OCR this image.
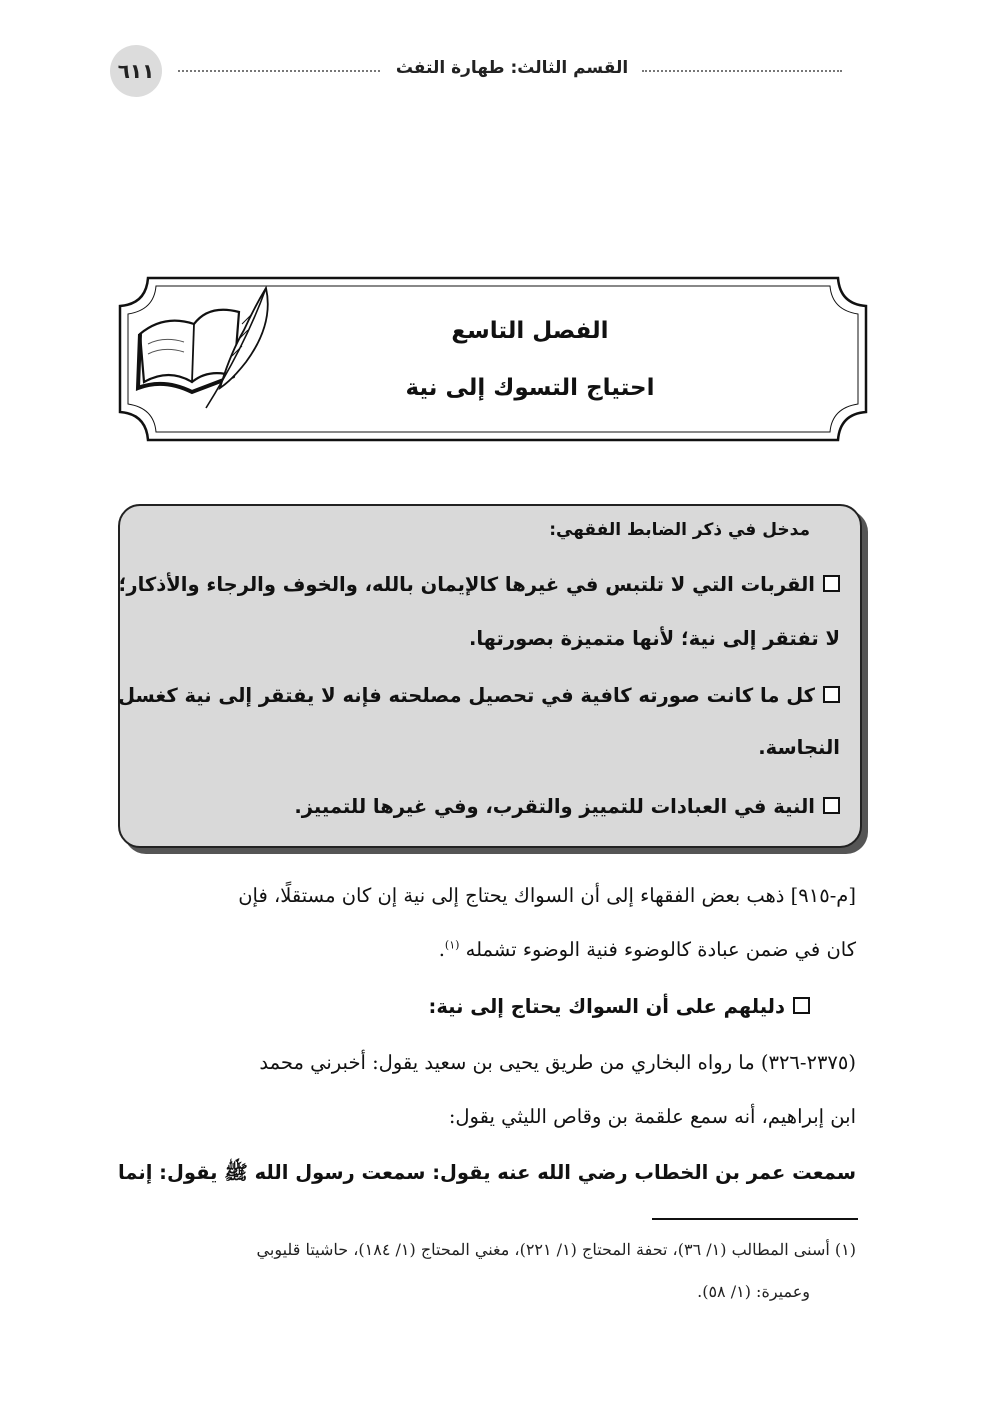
٦١١	القسم الثالث: طهارة التفث
الفصل التاسع
احتياج التسوك إلى نية
مدخل في ذكر الضابط الفقهي:
القربات التي لا تلتبس في غيرها كالإيمان بالله، والخوف والرجاء والأذكار؛
لا تفتقر إلى نية؛ لأنها متميزة بصورتها.
كل ما كانت صورته كافية في تحصيل مصلحته فإنه لا يفتقر إلى نية كغسل
النجاسة.
النية في العبادات للتمييز والتقرب، وفي غيرها للتمييز.
[م-٩١٥] ذهب بعض الفقهاء إلى أن السواك يحتاج إلى نية إن كان مستقلًا، فإن
كان في ضمن عبادة كالوضوء فنية الوضوء تشمله $^{(١)}$.
دليلهم على أن السواك يحتاج إلى نية:
(٢٣٧٥-٣٢٦) ما رواه البخاري من طريق يحيى بن سعيد يقول: أخبرني محمد
ابن إبراهيم، أنه سمع علقمة بن وقاص الليثي يقول:
سمعت عمر بن الخطاب رضي الله عنه يقول: سمعت رسول الله ﷺ يقول: إنما
(١) أسنى المطالب (١/ ٣٦)، تحفة المحتاج (١/ ٢٢١)، مغني المحتاج (١/ ١٨٤)، حاشيتا قليوبي
وعميرة: (١/ ٥٨).
